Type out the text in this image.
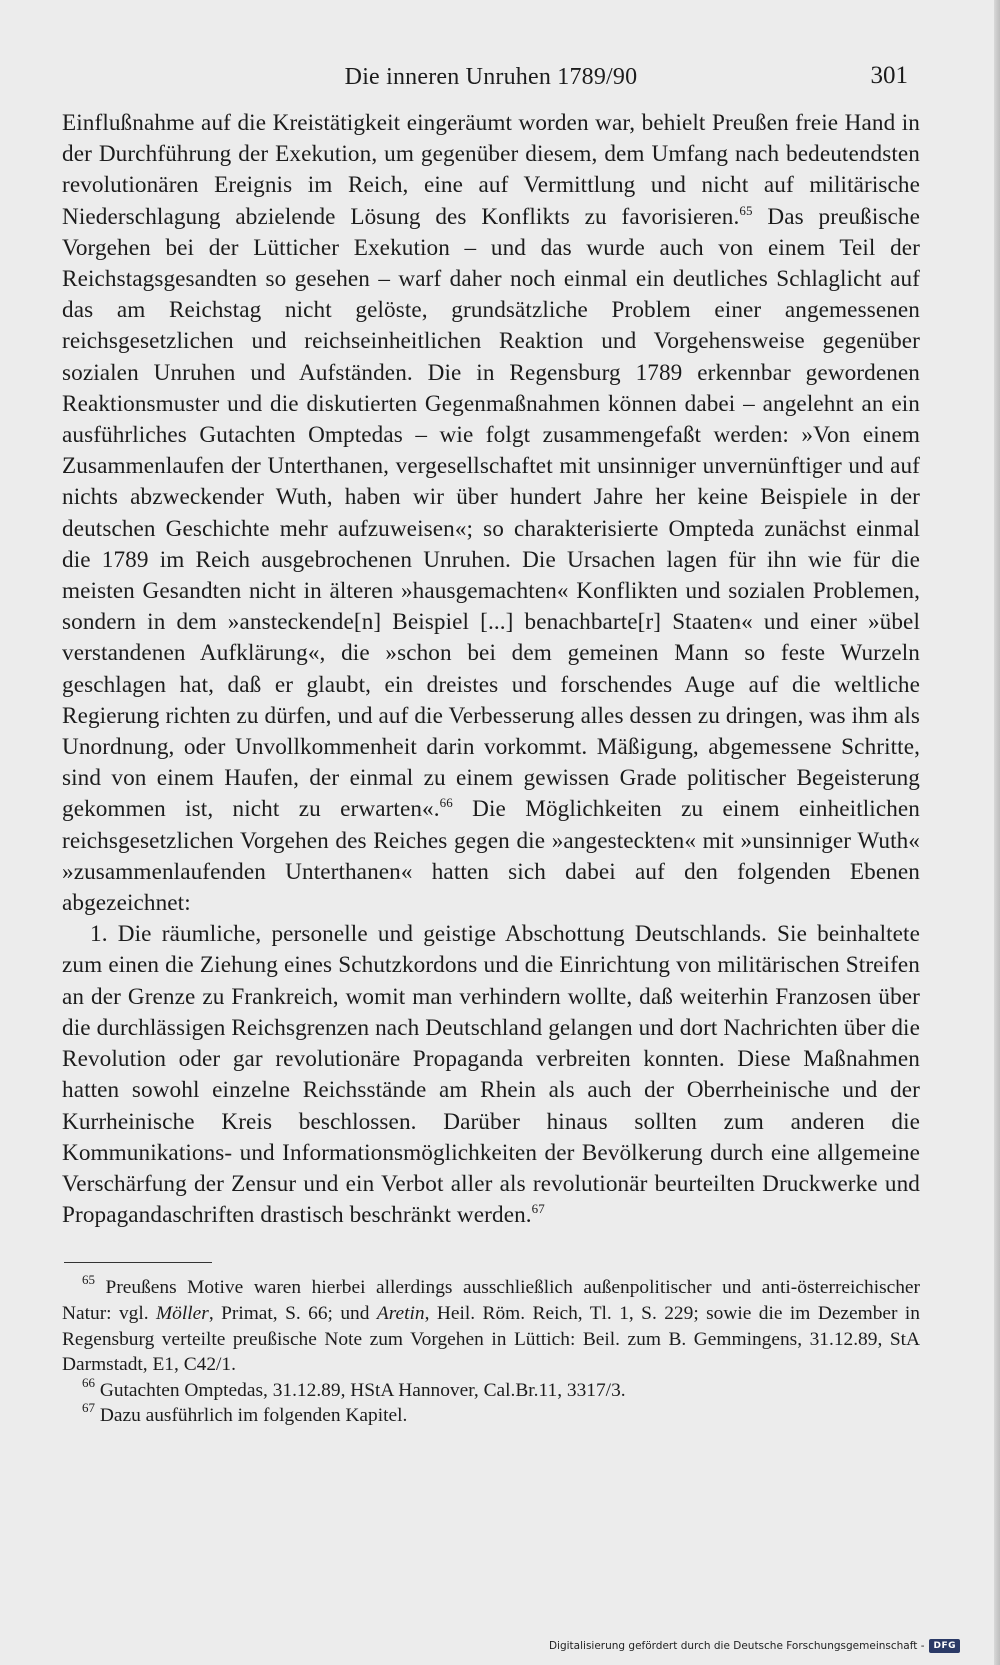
Die inneren Unruhen 1789/90	301

Einflußnahme auf die Kreistätigkeit eingeräumt worden war, behielt Preußen freie Hand in der Durchführung der Exekution, um gegenüber diesem, dem Umfang nach bedeutendsten revolutionären Ereignis im Reich, eine auf Vermittlung und nicht auf militärische Niederschlagung abzielende Lösung des Konflikts zu favorisieren.$^{65}$ Das preußische Vorgehen bei der Lütticher Exekution – und das wurde auch von einem Teil der Reichstagsgesandten so gesehen – warf daher noch einmal ein deutliches Schlaglicht auf das am Reichstag nicht gelöste, grundsätzliche Problem einer angemessenen reichsgesetzlichen und reichseinheitlichen Reaktion und Vorgehensweise gegenüber sozialen Unruhen und Aufständen. Die in Regensburg 1789 erkennbar gewordenen Reaktionsmuster und die diskutierten Gegenmaßnahmen können dabei – angelehnt an ein ausführliches Gutachten Omptedas – wie folgt zusammengefaßt werden: »Von einem Zusammenlaufen der Unterthanen, vergesellschaftet mit unsinniger unvernünftiger und auf nichts abzweckender Wuth, haben wir über hundert Jahre her keine Beispiele in der deutschen Geschichte mehr aufzuweisen«; so charakterisierte Ompteda zunächst einmal die 1789 im Reich ausgebrochenen Unruhen. Die Ursachen lagen für ihn wie für die meisten Gesandten nicht in älteren »hausgemachten« Konflikten und sozialen Problemen, sondern in dem »ansteckende[n] Beispiel [...] benachbarte[r] Staaten« und einer »übel verstandenen Aufklärung«, die »schon bei dem gemeinen Mann so feste Wurzeln geschlagen hat, daß er glaubt, ein dreistes und forschendes Auge auf die weltliche Regierung richten zu dürfen, und auf die Verbesserung alles dessen zu dringen, was ihm als Unordnung, oder Unvollkommenheit darin vorkommt. Mäßigung, abgemessene Schritte, sind von einem Haufen, der einmal zu einem gewissen Grade politischer Begeisterung gekommen ist, nicht zu erwarten«.$^{66}$ Die Möglichkeiten zu einem einheitlichen reichsgesetzlichen Vorgehen des Reiches gegen die »angesteckten« mit »unsinniger Wuth« »zusammenlaufenden Unterthanen« hatten sich dabei auf den folgenden Ebenen abgezeichnet:

1. Die räumliche, personelle und geistige Abschottung Deutschlands. Sie beinhaltete zum einen die Ziehung eines Schutzkordons und die Einrichtung von militärischen Streifen an der Grenze zu Frankreich, womit man verhindern wollte, daß weiterhin Franzosen über die durchlässigen Reichsgrenzen nach Deutschland gelangen und dort Nachrichten über die Revolution oder gar revolutionäre Propaganda verbreiten konnten. Diese Maßnahmen hatten sowohl einzelne Reichsstände am Rhein als auch der Oberrheinische und der Kurrheinische Kreis beschlossen. Darüber hinaus sollten zum anderen die Kommunikations- und Informationsmöglichkeiten der Bevölkerung durch eine allgemeine Verschärfung der Zensur und ein Verbot aller als revolutionär beurteilten Druckwerke und Propagandaschriften drastisch beschränkt werden.$^{67}$

$^{65}$ Preußens Motive waren hierbei allerdings ausschließlich außenpolitischer und anti-österreichischer Natur: vgl. Möller, Primat, S. 66; und Aretin, Heil. Röm. Reich, Tl. 1, S. 229; sowie die im Dezember in Regensburg verteilte preußische Note zum Vorgehen in Lüttich: Beil. zum B. Gemmingens, 31.12.89, StA Darmstadt, E1, C42/1.

$^{66}$ Gutachten Omptedas, 31.12.89, HStA Hannover, Cal.Br.11, 3317/3.

$^{67}$ Dazu ausführlich im folgenden Kapitel.

Digitalisierung gefördert durch die Deutsche Forschungsgemeinschaft -	DFG
